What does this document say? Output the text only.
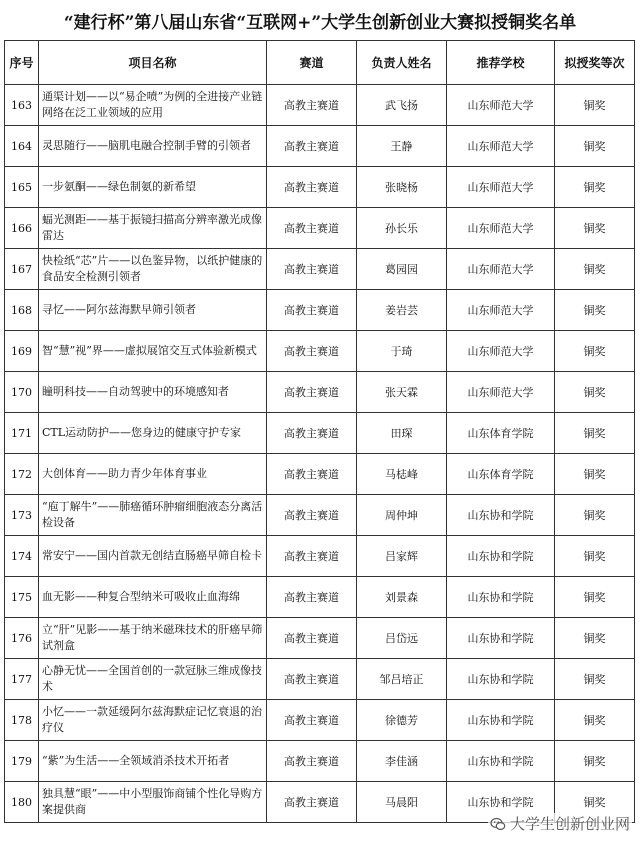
“建行杯”第八届山东省“互联网+”大学生创新创业大赛拟授铜奖名单
序号	项目名称	赛道	负责人姓名	推荐学校	拟授奖等次
163	通渠计划——以“易企喷”为例的全进接产业链网络在泛工业领域的应用	高教主赛道	武飞扬	山东师范大学	铜奖
164	灵思随行——脑肌电融合控制手臂的引领者	高教主赛道	王静	山东师范大学	铜奖
165	一步氨酮——绿色制氨的新希望	高教主赛道	张晓杨	山东师范大学	铜奖
166	蝠光测距——基于振镜扫描高分辨率激光成像雷达	高教主赛道	孙长乐	山东师范大学	铜奖
167	快检纸“芯”片——以色鉴异物，以纸护健康的食品安全检测引领者	高教主赛道	葛园园	山东师范大学	铜奖
168	寻忆——阿尔兹海默早筛引领者	高教主赛道	姜岩芸	山东师范大学	铜奖
169	智“慧”视”界——虚拟展馆交互式体验新模式	高教主赛道	于琦	山东师范大学	铜奖
170	瞳明科技——自动驾驶中的环境感知者	高教主赛道	张天霖	山东师范大学	铜奖
171	CTL运动防护——您身边的健康守护专家	高教主赛道	田琛	山东体育学院	铜奖
172	大创体育——助力青少年体育事业	高教主赛道	马梽峰	山东体育学院	铜奖
173	“庖丁解牛”——肺癌循环肿瘤细胞液态分离活检设备	高教主赛道	周仲坤	山东协和学院	铜奖
174	常安宁——国内首款无创结直肠癌早筛自检卡	高教主赛道	吕家辉	山东协和学院	铜奖
175	血无影——种复合型纳米可吸收止血海绵	高教主赛道	刘景森	山东协和学院	铜奖
176	立“肝”见影——基于纳米磁珠技术的肝癌早筛试剂盒	高教主赛道	吕岱远	山东协和学院	铜奖
177	心静无忧——全国首创的一款冠脉三维成像技术	高教主赛道	邹吕培正	山东协和学院	铜奖
178	小忆——一款延缓阿尔兹海默症记忆衰退的治疗仪	高教主赛道	徐德芳	山东协和学院	铜奖
179	“紫”为生活——全领域消杀技术开拓者	高教主赛道	李佳涵	山东协和学院	铜奖
180	独具慧“眼”——中小型服饰商铺个性化导购方案提供商	高教主赛道	马晨阳	山东协和学院	铜奖
大学生创新创业网
